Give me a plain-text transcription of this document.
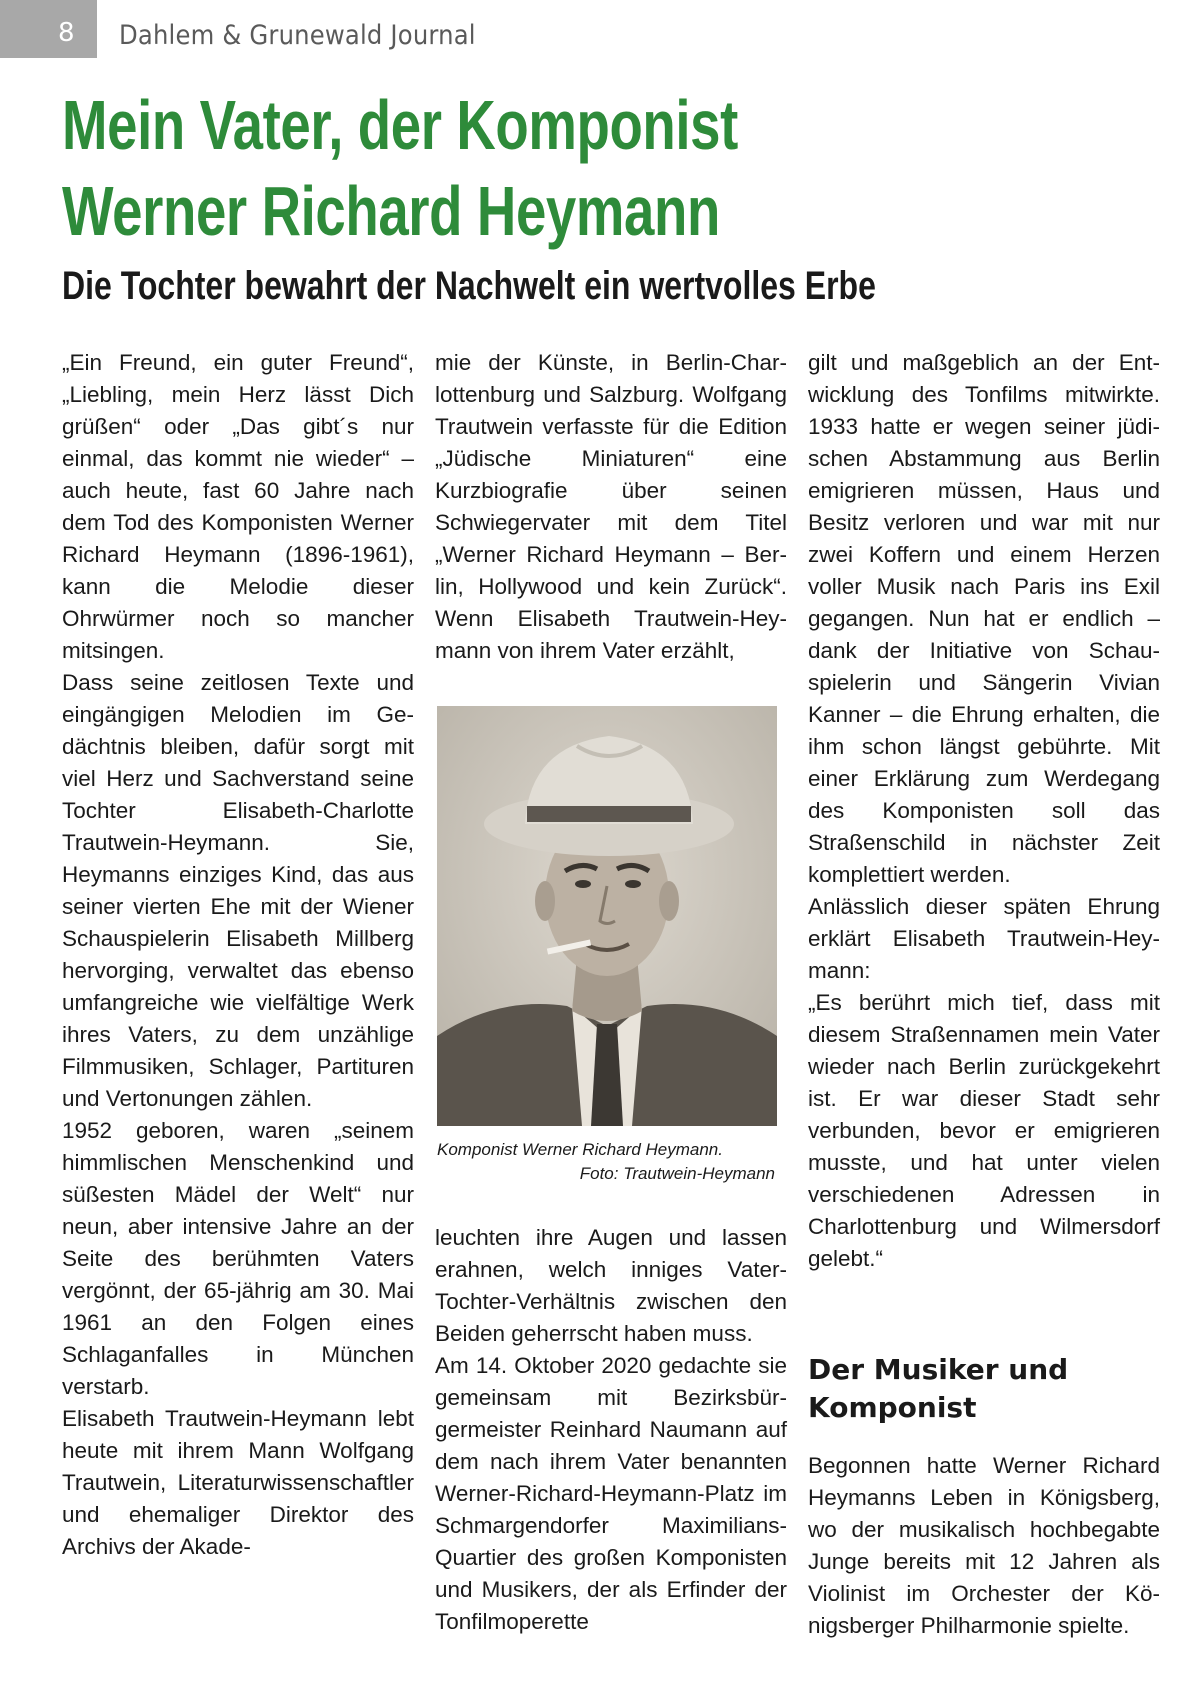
8 Dahlem & Grunewald Journal
Mein Vater, der Komponist
Werner Richard Heymann
Die Tochter bewahrt der Nachwelt ein wertvolles Erbe

„Ein Freund, ein guter Freund“, „Liebling, mein Herz lässt Dich grüßen“ oder „Das gibt´s nur einmal, das kommt nie wieder“ – auch heute, fast 60 Jahre nach dem Tod des Komponisten Werner Richard Heymann (1896-1961), kann die Melodie dieser Ohrwürmer noch so mancher mitsingen.

Dass seine zeitlosen Texte und eingängigen Melodien im Gedächtnis bleiben, dafür sorgt mit viel Herz und Sachverstand seine Tochter Elisabeth-Charlotte Trautwein-Heymann. Sie, Heymanns einziges Kind, das aus seiner vierten Ehe mit der Wiener Schauspielerin Elisabeth Millberg hervorging, verwaltet das ebenso umfangreiche wie vielfältige Werk ihres Vaters, zu dem unzählige Filmmusiken, Schlager, Partituren und Vertonungen zählen.

1952 geboren, waren „seinem himmlischen Menschenkind und süßesten Mädel der Welt“ nur neun, aber intensive Jahre an der Seite des berühmten Vaters vergönnt, der 65-jährig am 30. Mai 1961 an den Folgen eines Schlaganfalles in München verstarb.

Elisabeth Trautwein-Heymann lebt heute mit ihrem Mann Wolfgang Trautwein, Literaturwissenschaftler und ehemaliger Direktor des Archivs der Akade-

mie der Künste, in Berlin-Charlottenburg und Salzburg. Wolfgang Trautwein verfasste für die Edition „Jüdische Miniaturen“ eine Kurzbiografie über seinen Schwiegervater mit dem Titel „Werner Richard Heymann – Berlin, Hollywood und kein Zurück“. Wenn Elisabeth Trautwein-Heymann von ihrem Vater erzählt,

Komponist Werner Richard Heymann.
Foto: Trautwein-Heymann

leuchten ihre Augen und lassen erahnen, welch inniges Vater-Tochter-Verhältnis zwischen den Beiden geherrscht haben muss.

Am 14. Oktober 2020 gedachte sie gemeinsam mit Bezirksbürgermeister Reinhard Naumann auf dem nach ihrem Vater benannten Werner-Richard-Heymann-Platz im Schmargendorfer Maximilians-Quartier des großen Komponisten und Musikers, der als Erfinder der Tonfilmoperette

gilt und maßgeblich an der Entwicklung des Tonfilms mitwirkte. 1933 hatte er wegen seiner jüdischen Abstammung aus Berlin emigrieren müssen, Haus und Besitz verloren und war mit nur zwei Koffern und einem Herzen voller Musik nach Paris ins Exil gegangen. Nun hat er endlich – dank der Initiative von Schauspielerin und Sängerin Vivian Kanner – die Ehrung erhalten, die ihm schon längst gebührte. Mit einer Erklärung zum Werdegang des Komponisten soll das Straßenschild in nächster Zeit komplettiert werden.

Anlässlich dieser späten Ehrung erklärt Elisabeth Trautwein-Heymann:

„Es berührt mich tief, dass mit diesem Straßennamen mein Vater wieder nach Berlin zurückgekehrt ist. Er war dieser Stadt sehr verbunden, bevor er emigrieren musste, und hat unter vielen verschiedenen Adressen in Charlottenburg und Wilmersdorf gelebt.“

Der Musiker und Komponist

Begonnen hatte Werner Richard Heymanns Leben in Königsberg, wo der musikalisch hochbegabte Junge bereits mit 12 Jahren als Violinist im Orchester der Königsberger Philharmonie spielte.
